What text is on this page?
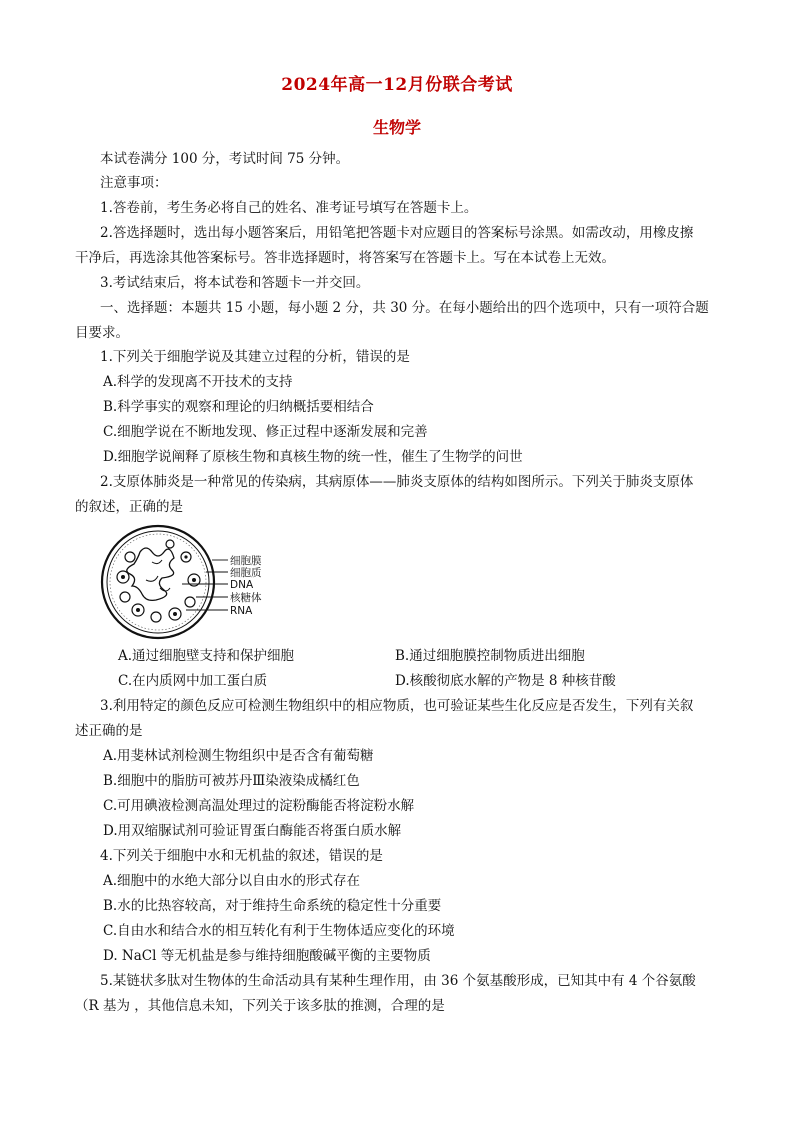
2024年高一12月份联合考试
生物学
本试卷满分 100 分，考试时间 75 分钟。
注意事项：
1.答卷前，考生务必将自己的姓名、准考证号填写在答题卡上。
2.答选择题时，选出每小题答案后，用铅笔把答题卡对应题目的答案标号涂黑。如需改动，用橡皮擦
干净后，再选涂其他答案标号。答非选择题时，将答案写在答题卡上。写在本试卷上无效。
3.考试结束后，将本试卷和答题卡一并交回。
一、选择题：本题共 15 小题，每小题 2 分，共 30 分。在每小题给出的四个选项中，只有一项符合题
目要求。
1.下列关于细胞学说及其建立过程的分析，错误的是
A.科学的发现离不开技术的支持
B.科学事实的观察和理论的归纳概括要相结合
C.细胞学说在不断地发现、修正过程中逐渐发展和完善
D.细胞学说阐释了原核生物和真核生物的统一性，催生了生物学的问世
2.支原体肺炎是一种常见的传染病，其病原体——肺炎支原体的结构如图所示。下列关于肺炎支原体
的叙述，正确的是
细胞膜
细胞质
DNA
核糖体
RNA
A.通过细胞壁支持和保护细胞	B.通过细胞膜控制物质进出细胞
C.在内质网中加工蛋白质	D.核酸彻底水解的产物是 8 种核苷酸
3.利用特定的颜色反应可检测生物组织中的相应物质，也可验证某些生化反应是否发生，下列有关叙
述正确的是
A.用斐林试剂检测生物组织中是否含有葡萄糖
B.细胞中的脂肪可被苏丹Ⅲ染液染成橘红色
C.可用碘液检测高温处理过的淀粉酶能否将淀粉水解
D.用双缩脲试剂可验证胃蛋白酶能否将蛋白质水解
4.下列关于细胞中水和无机盐的叙述，错误的是
A.细胞中的水绝大部分以自由水的形式存在
B.水的比热容较高，对于维持生命系统的稳定性十分重要
C.自由水和结合水的相互转化有利于生物体适应变化的环境
D. NaCl 等无机盐是参与维持细胞酸碱平衡的主要物质
5.某链状多肽对生物体的生命活动具有某种生理作用，由 36 个氨基酸形成，已知其中有 4 个谷氨酸
（R 基为 ，其他信息未知，下列关于该多肽的推测，合理的是
